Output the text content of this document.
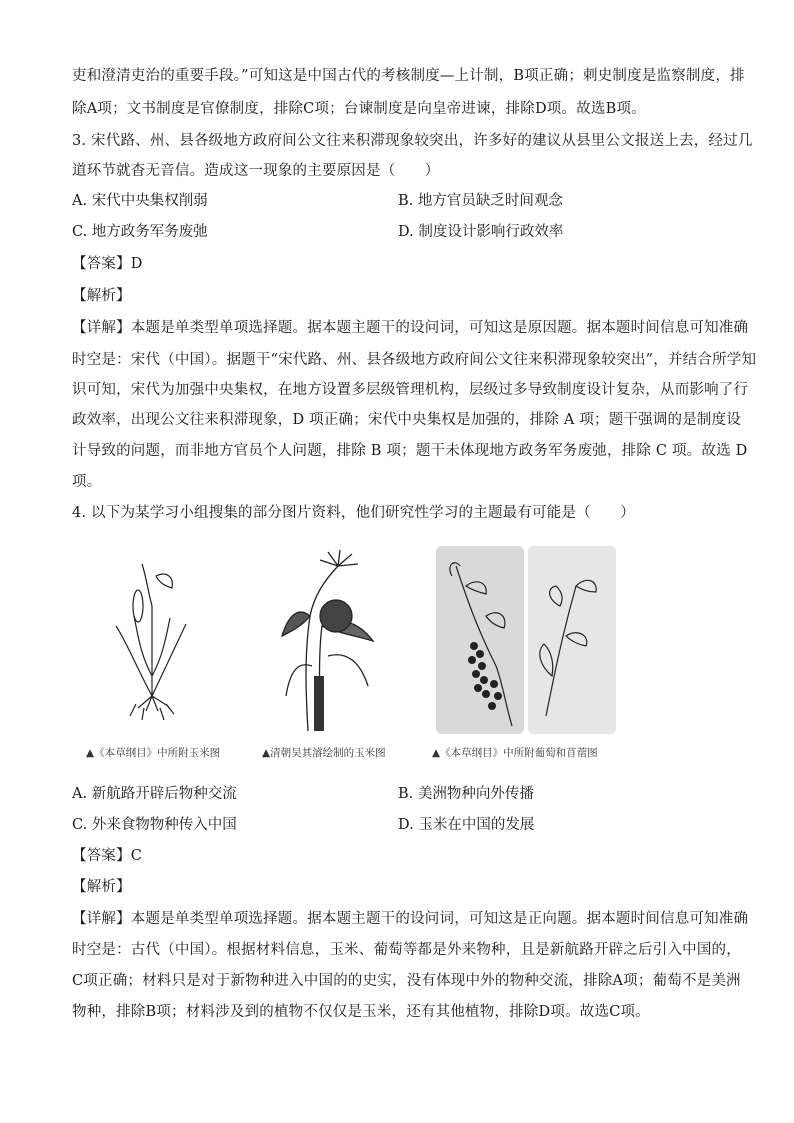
吏和澄清吏治的重要手段。”可知这是中国古代的考核制度—上计制，B项正确；刺史制度是监察制度，排
除A项；文书制度是官僚制度，排除C项；台谏制度是向皇帝进谏，排除D项。故选B项。
3. 宋代路、州、县各级地方政府间公文往来积滞现象较突出，许多好的建议从县里公文报送上去，经过几
道环节就杳无音信。造成这一现象的主要原因是（　　）
A. 宋代中央集权削弱	B. 地方官员缺乏时间观念
C. 地方政务军务废弛	D. 制度设计影响行政效率
【答案】D
【解析】
【详解】本题是单类型单项选择题。据本题主题干的设问词，可知这是原因题。据本题时间信息可知准确
时空是：宋代（中国）。据题干“宋代路、州、县各级地方政府间公文往来积滞现象较突出”，并结合所学知
识可知，宋代为加强中央集权，在地方设置多层级管理机构，层级过多导致制度设计复杂，从而影响了行
政效率，出现公文往来积滞现象，D 项正确；宋代中央集权是加强的，排除 A 项；题干强调的是制度设
计导致的问题，而非地方官员个人问题，排除 B 项；题干未体现地方政务军务废弛，排除 C 项。故选 D
项。
4. 以下为某学习小组搜集的部分图片资料，他们研究性学习的主题最有可能是（　　）
▲《本草纲目》中所附玉米图	▲清朝吴其濬绘制的玉米图	▲《本草纲目》中所附葡萄和苜蓿图
A. 新航路开辟后物种交流	B. 美洲物种向外传播
C. 外来食物物种传入中国	D. 玉米在中国的发展
【答案】C
【解析】
【详解】本题是单类型单项选择题。据本题主题干的设问词，可知这是正向题。据本题时间信息可知准确
时空是：古代（中国）。根据材料信息，玉米、葡萄等都是外来物种，且是新航路开辟之后引入中国的，
C项正确；材料只是对于新物种进入中国的的史实，没有体现中外的物种交流，排除A项；葡萄不是美洲
物种，排除B项；材料涉及到的植物不仅仅是玉米，还有其他植物，排除D项。故选C项。
